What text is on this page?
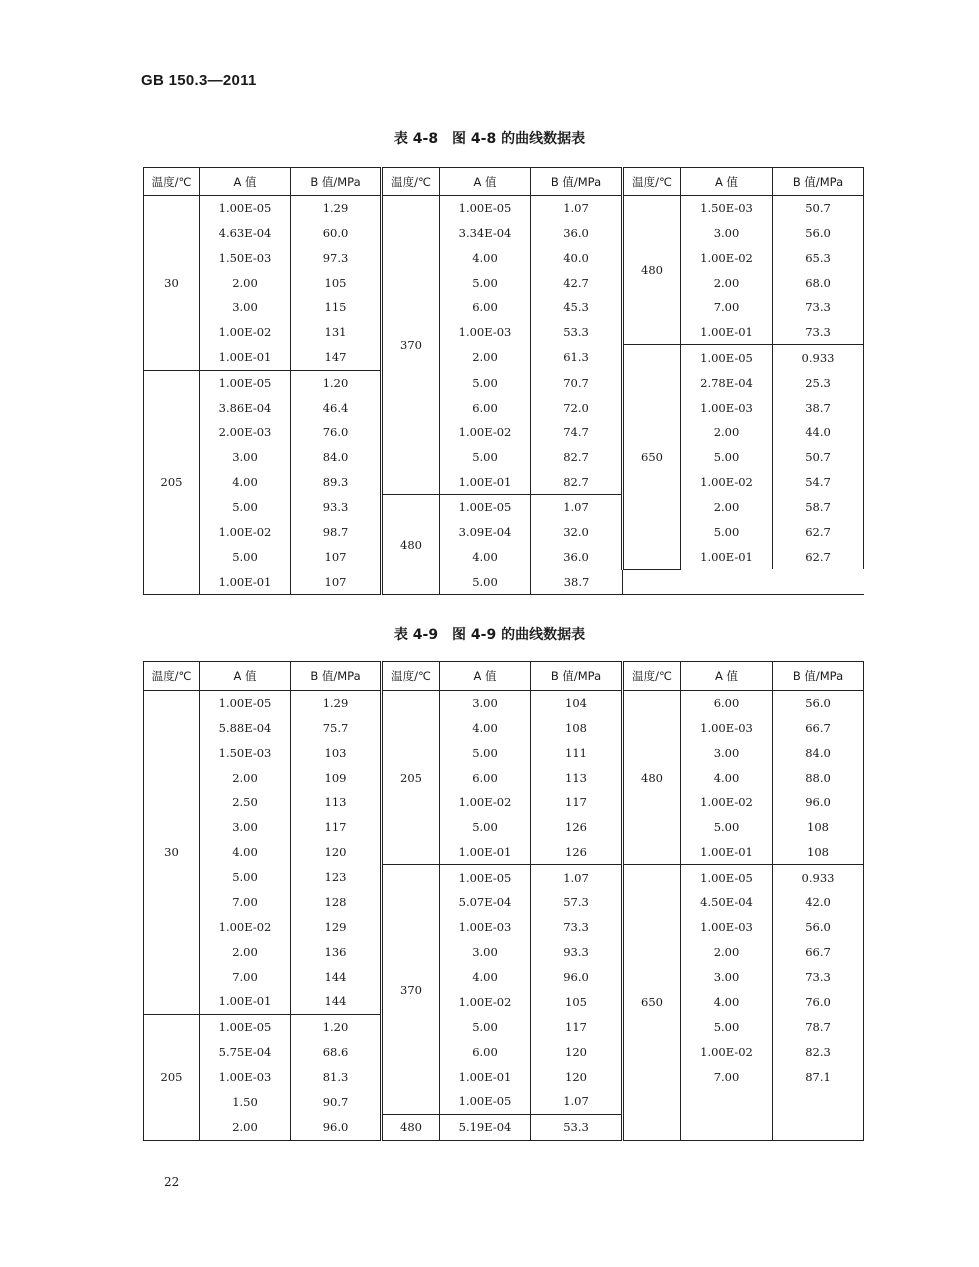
GB 150.3—2011
表 4-8　图 4-8 的曲线数据表
温度/℃	A 值	B 值/MPa	温度/℃	A 值	B 值/MPa	温度/℃	A 值	B 值/MPa
30	1.00E-05	1.29	370	1.00E-05	1.07	480	1.50E-03	50.7
	4.63E-04	60.0		3.34E-04	36.0		3.00	56.0
	1.50E-03	97.3		4.00	40.0		1.00E-02	65.3
	2.00	105		5.00	42.7		2.00	68.0
	3.00	115		6.00	45.3		7.00	73.3
	1.00E-02	131		1.00E-03	53.3		1.00E-01	73.3
	1.00E-01	147		2.00	61.3	650	1.00E-05	0.933
205	1.00E-05	1.20		5.00	70.7		2.78E-04	25.3
	3.86E-04	46.4		6.00	72.0		1.00E-03	38.7
	2.00E-03	76.0		1.00E-02	74.7		2.00	44.0
	3.00	84.0		5.00	82.7		5.00	50.7
	4.00	89.3		1.00E-01	82.7		1.00E-02	54.7
	5.00	93.3	480	1.00E-05	1.07		2.00	58.7
	1.00E-02	98.7		3.09E-04	32.0		5.00	62.7
	5.00	107		4.00	36.0		1.00E-01	62.7
	1.00E-01	107		5.00	38.7			
表 4-9　图 4-9 的曲线数据表
温度/℃	A 值	B 值/MPa	温度/℃	A 值	B 值/MPa	温度/℃	A 值	B 值/MPa
30	1.00E-05	1.29	205	3.00	104	480	6.00	56.0
	5.88E-04	75.7		4.00	108		1.00E-03	66.7
	1.50E-03	103		5.00	111		3.00	84.0
	2.00	109		6.00	113		4.00	88.0
	2.50	113		1.00E-02	117		1.00E-02	96.0
	3.00	117		5.00	126		5.00	108
	4.00	120		1.00E-01	126		1.00E-01	108
	5.00	123	370	1.00E-05	1.07	650	1.00E-05	0.933
	7.00	128		5.07E-04	57.3		4.50E-04	42.0
	1.00E-02	129		1.00E-03	73.3		1.00E-03	56.0
	2.00	136		3.00	93.3		2.00	66.7
	7.00	144		4.00	96.0		3.00	73.3
	1.00E-01	144		1.00E-02	105		4.00	76.0
205	1.00E-05	1.20		5.00	117		5.00	78.7
	5.75E-04	68.6		6.00	120		1.00E-02	82.3
	1.00E-03	81.3		1.00E-01	120		7.00	87.1
	1.50	90.7		1.00E-05	1.07			
	2.00	96.0	480	5.19E-04	53.3			
22
